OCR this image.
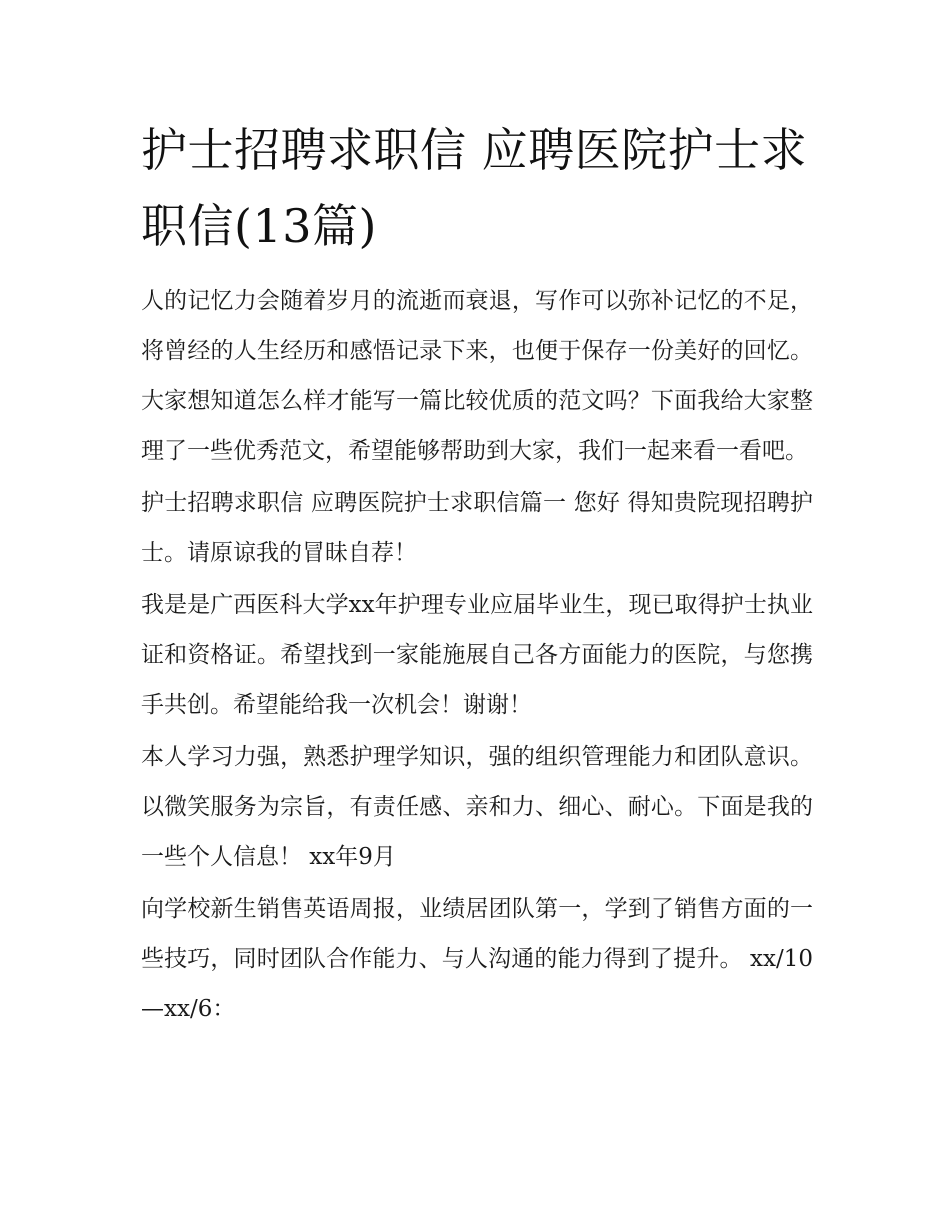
护士招聘求职信 应聘医院护士求职信(13篇)

人的记忆力会随着岁月的流逝而衰退，写作可以弥补记忆的不足，将曾经的人生经历和感悟记录下来，也便于保存一份美好的回忆。大家想知道怎么样才能写一篇比较优质的范文吗？下面我给大家整理了一些优秀范文，希望能够帮助到大家，我们一起来看一看吧。

护士招聘求职信 应聘医院护士求职信篇一 您好 得知贵院现招聘护士。请原谅我的冒昧自荐！

我是是广西医科大学xx年护理专业应届毕业生，现已取得护士执业证和资格证。希望找到一家能施展自己各方面能力的医院，与您携手共创。希望能给我一次机会！谢谢！

本人学习力强，熟悉护理学知识，强的组织管理能力和团队意识。以微笑服务为宗旨，有责任感、亲和力、细心、耐心。下面是我的一些个人信息！ xx年9月

向学校新生销售英语周报，业绩居团队第一，学到了销售方面的一些技巧，同时团队合作能力、与人沟通的能力得到了提升。 xx/10—xx/6：
